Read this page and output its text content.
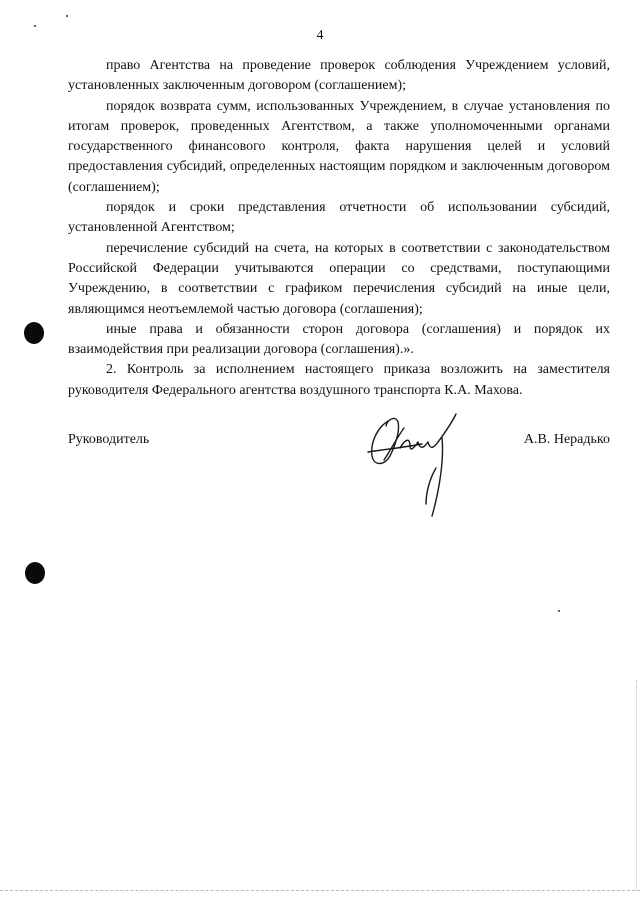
4

право Агентства на проведение проверок соблюдения Учреждением условий, установленных заключенным договором (соглашением);

порядок возврата сумм, использованных Учреждением, в случае установления по итогам проверок, проведенных Агентством, а также уполномоченными органами государственного финансового контроля, факта нарушения целей и условий предоставления субсидий, определенных настоящим порядком и заключенным договором (соглашением);

порядок и сроки представления отчетности об использовании субсидий, установленной Агентством;

перечисление субсидий на счета, на которых в соответствии с законодательством Российской Федерации учитываются операции со средствами, поступающими Учреждению, в соответствии с графиком перечисления субсидий на иные цели, являющимся неотъемлемой частью договора (соглашения);

иные права и обязанности сторон договора (соглашения) и порядок их взаимодействия при реализации договора (соглашения).».

2. Контроль за исполнением настоящего приказа возложить на заместителя руководителя Федерального агентства воздушного транспорта К.А. Махова.

Руководитель	А.В. Нерадько
